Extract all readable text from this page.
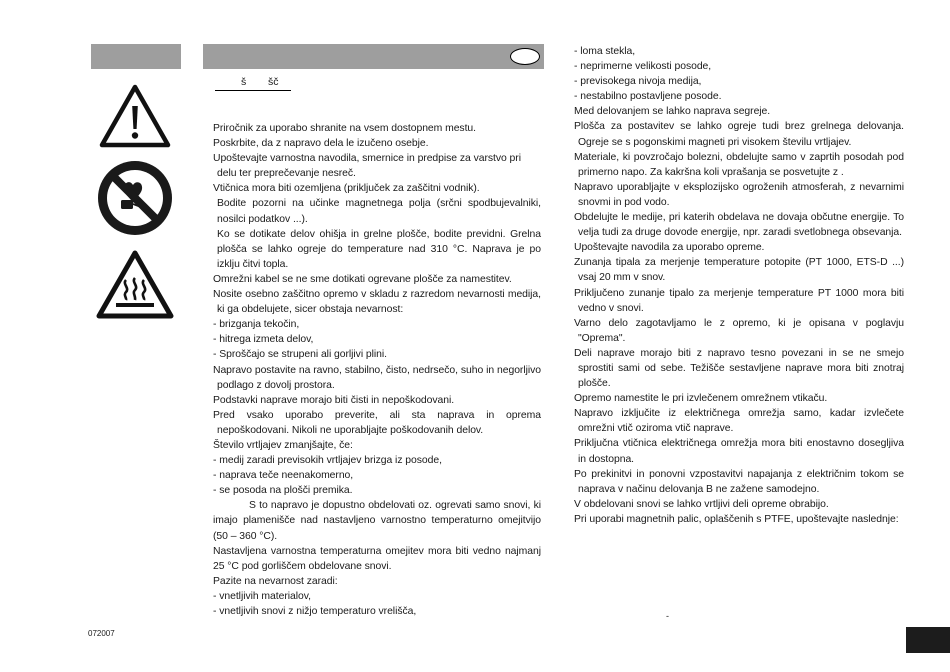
š šč

Priročnik za uporabo shranite na vsem dostopnem mestu.

Poskrbite, da z napravo dela le izučeno osebje.

Upoštevajte varnostna navodila, smernice in predpise za varstvo pri delu ter preprečevanje nesreč.

Vtičnica mora biti ozemljena (priključek za zaščitni vodnik).

Bodite pozorni na učinke magnetnega polja (srčni spodbujevalniki, nosilci podatkov ...).

Ko se dotikate delov ohišja in grelne plošče, bodite previdni. Grelna plošča se lahko ogreje do temperature nad 310 °C. Naprava je po izklju čitvi topla.

Omrežni kabel se ne sme dotikati ogrevane plošče za namestitev.

Nosite osebno zaščitno opremo v skladu z razredom nevarnosti medija, ki ga obdelujete, sicer obstaja nevarnost:

- brizganja tekočin,

- hitrega izmeta delov,

- Sproščajo se strupeni ali gorljivi plini.

Napravo postavite na ravno, stabilno, čisto, nedrsečo, suho in negorljivo podlago z dovolj prostora.

Podstavki naprave morajo biti čisti in nepoškodovani.

Pred vsako uporabo preverite, ali sta naprava in oprema nepoškodovani. Nikoli ne uporabljajte poškodovanih delov.

Število vrtljajev zmanjšajte, če:

- medij zaradi previsokih vrtljajev brizga iz posode,

- naprava teče neenakomerno,

- se posoda na plošči premika.

S to napravo je dopustno obdelovati oz. ogrevati samo snovi, ki imajo plamenišče nad nastavljeno varnostno temperaturno omejitvijo (50 – 360 °C).

Nastavljena varnostna temperaturna omejitev mora biti vedno najmanj 25 °C pod gorliščem obdelovane snovi.

Pazite na nevarnost zaradi:

- vnetljivih materialov,

- vnetljivih snovi z nižjo temperaturo vrelišča,

- loma stekla,

- neprimerne velikosti posode,

- previsokega nivoja medija,

- nestabilno postavljene posode.

Med delovanjem se lahko naprava segreje.

Plošča za postavitev se lahko ogreje tudi brez grelnega delovanja. Ogreje se s pogonskimi magneti pri visokem številu vrtljajev.

Materiale, ki povzročajo bolezni, obdelujte samo v zaprtih posodah pod primerno napo. Za kakršna koli vprašanja se posvetujte z .

Napravo uporabljajte v eksplozijsko ogroženih atmosferah, z nevarnimi snovmi in pod vodo.

Obdelujte le medije, pri katerih obdelava ne dovaja občutne energije. To velja tudi za druge dovode energije, npr. zaradi svetlobnega obsevanja.

Upoštevajte navodila za uporabo opreme.

Zunanja tipala za merjenje temperature potopite (PT 1000, ETS-D ...) vsaj 20 mm v snov.

Priključeno zunanje tipalo za merjenje temperature PT 1000 mora biti vedno v snovi.

Varno delo zagotavljamo le z opremo, ki je opisana v poglavju "Oprema".

Deli naprave morajo biti z napravo tesno povezani in se ne smejo sprostiti sami od sebe. Težišče sestavljene naprave mora biti znotraj plošče.

Opremo namestite le pri izvlečenem omrežnem vtikaču.

Napravo izključite iz električnega omrežja samo, kadar izvlečete omrežni vtič oziroma vtič naprave.

Priključna vtičnica električnega omrežja mora biti enostavno dosegljiva in dostopna.

Po prekinitvi in ponovni vzpostavitvi napajanja z električnim tokom se naprava v načinu delovanja B ne zažene samodejno.

V obdelovani snovi se lahko vrtljivi deli opreme obrabijo.

Pri uporabi magnetnih palic, oplaščenih s PTFE, upoštevajte naslednje:

072007
-
